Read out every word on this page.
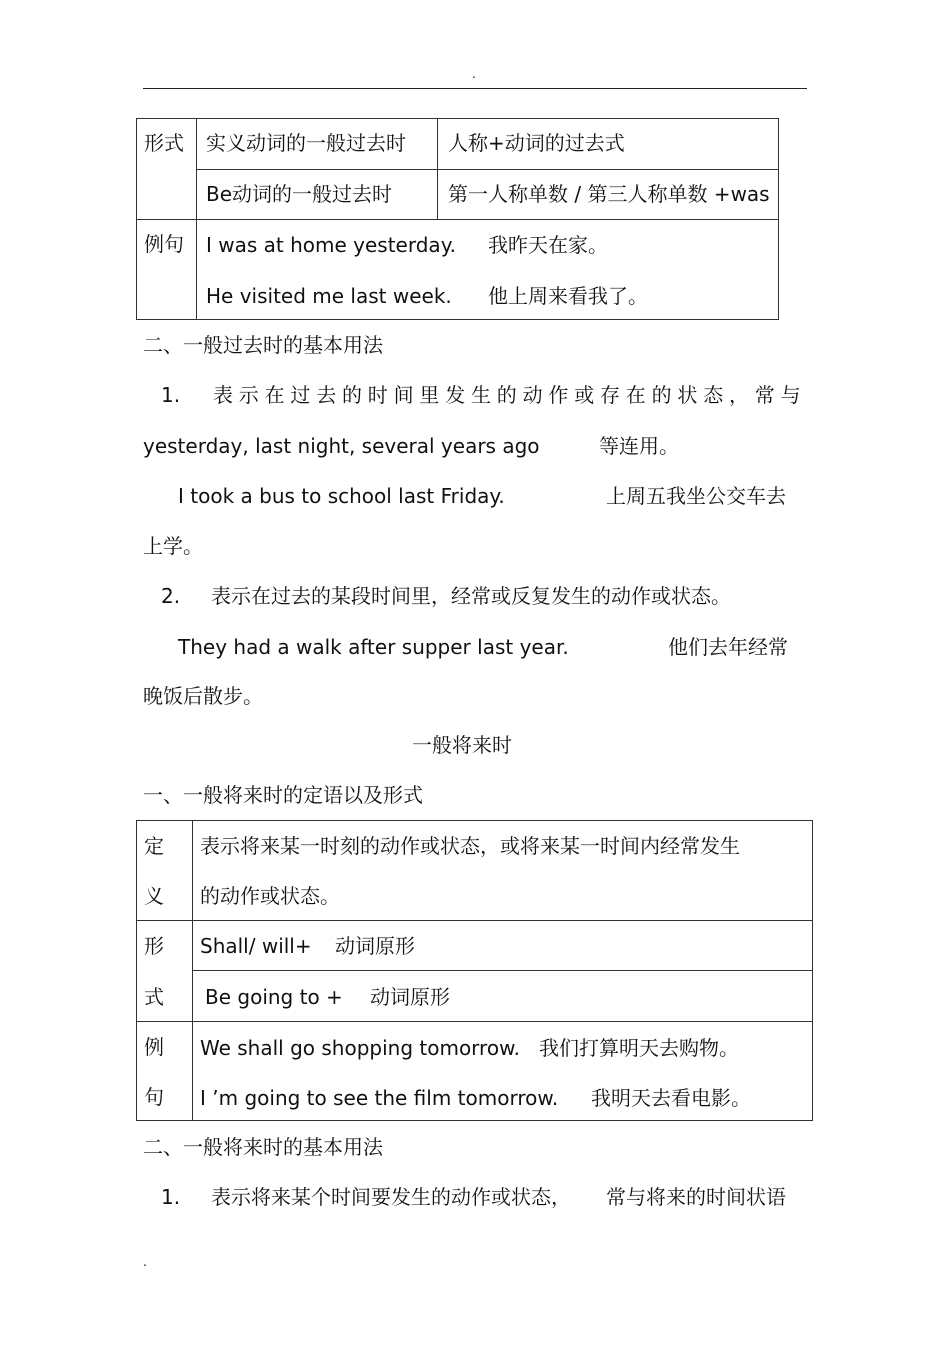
.
形式	实义动词的一般过去时	人称+动词的过去式

	Be动词的一般过去时	第一人称单数 / 第三人称单数 +was

例句	I was at home yesterday. 我昨天在家。
He visited me last week. 他上周来看我了。	
二、一般过去时的基本用法
1. 表示在过去的时间里发生的动作或存在的状态，常与
yesterday, last night, several years ago	等连用。
I took a bus to school last Friday.	上周五我坐公交车去
上学。
2. 表示在过去的某段时间里，经常或反复发生的动作或状态。
They had a walk after supper last year.	他们去年经常
晚饭后散步。
一般将来时
一、一般将来时的定语以及形式
定
义	表示将来某一时刻的动作或状态，或将来某一时间内经常发生
的动作或状态。

形
式	Shall/ will+ 动词原形

	Be going to + 动词原形

例
句	We shall go shopping tomorrow. 我们打算明天去购物。
I ’m going to see the film tomorrow. 我明天去看电影。
二、一般将来时的基本用法
1. 表示将来某个时间要发生的动作或状态， 常与将来的时间状语
.
